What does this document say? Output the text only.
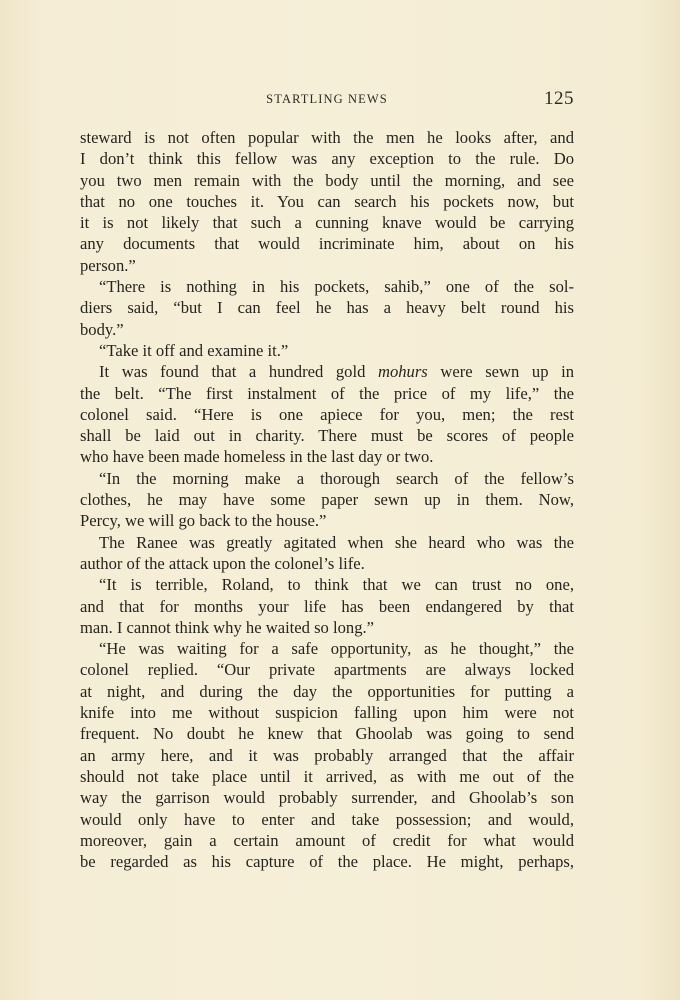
STARTLING NEWS	125
steward is not often popular with the men he looks after, and
I don’t think this fellow was any exception to the rule. Do
you two men remain with the body until the morning, and see
that no one touches it. You can search his pockets now, but
it is not likely that such a cunning knave would be carrying
any documents that would incriminate him, about on his
person.”
“There is nothing in his pockets, sahib,” one of the sol-
diers said, “but I can feel he has a heavy belt round his
body.”
“Take it off and examine it.”
It was found that a hundred gold mohurs were sewn up in
the belt. “The first instalment of the price of my life,” the
colonel said. “Here is one apiece for you, men; the rest
shall be laid out in charity. There must be scores of people
who have been made homeless in the last day or two.
“In the morning make a thorough search of the fellow’s
clothes, he may have some paper sewn up in them. Now,
Percy, we will go back to the house.”
The Ranee was greatly agitated when she heard who was the
author of the attack upon the colonel’s life.
“It is terrible, Roland, to think that we can trust no one,
and that for months your life has been endangered by that
man. I cannot think why he waited so long.”
“He was waiting for a safe opportunity, as he thought,” the
colonel replied. “Our private apartments are always locked
at night, and during the day the opportunities for putting a
knife into me without suspicion falling upon him were not
frequent. No doubt he knew that Ghoolab was going to send
an army here, and it was probably arranged that the affair
should not take place until it arrived, as with me out of the
way the garrison would probably surrender, and Ghoolab’s son
would only have to enter and take possession; and would,
moreover, gain a certain amount of credit for what would
be regarded as his capture of the place. He might, perhaps,
